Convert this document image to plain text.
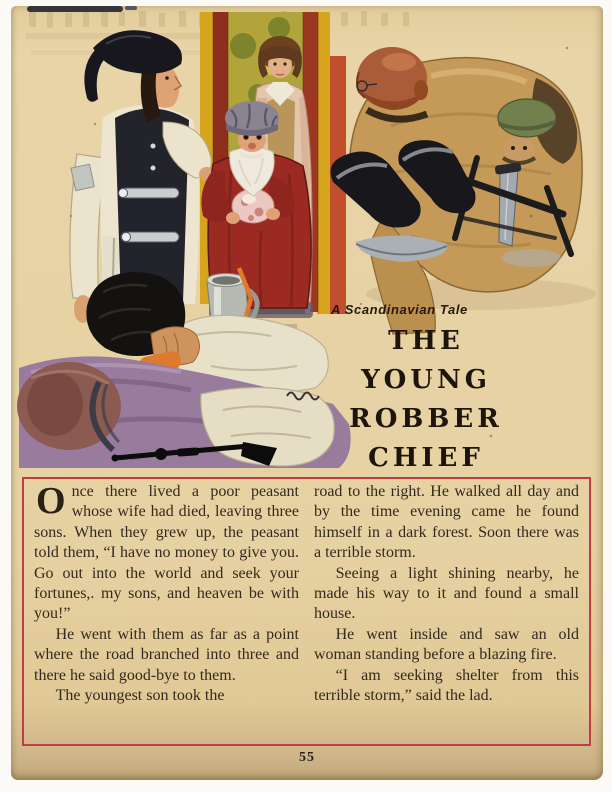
A Scandinavian Tale
THE YOUNG
ROBBER
CHIEF

Once there lived a poor peasant whose wife had died, leaving three sons. When they grew up, the peasant told them, “I have no money to give you. Go out into the world and seek your fortunes,. my sons, and heaven be with you!”

He went with them as far as a point where the road branched into three and there he said good-bye to them.

The youngest son took the

road to the right. He walked all day and by the time evening came he found himself in a dark forest. Soon there was a terrible storm.

Seeing a light shining nearby, he made his way to it and found a small house.

He went inside and saw an old woman standing before a blazing fire.

“I am seeking shelter from this terrible storm,” said the lad.

55
